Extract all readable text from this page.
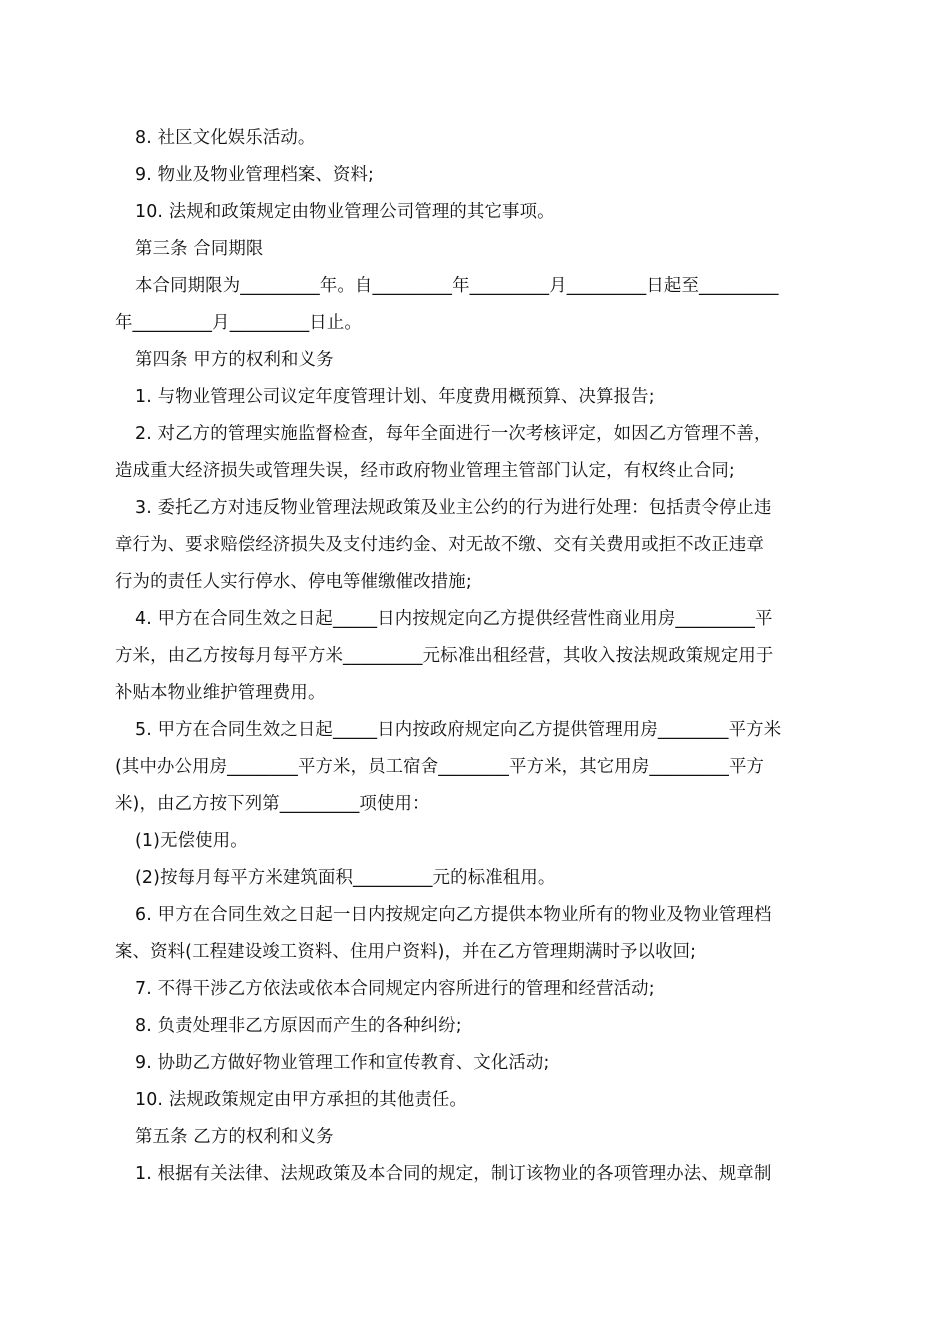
8. 社区文化娱乐活动。
9. 物业及物业管理档案、资料;
10. 法规和政策规定由物业管理公司管理的其它事项。
第三条 合同期限
本合同期限为_________年。自_________年_________月_________日起至_________
年_________月_________日止。
第四条 甲方的权利和义务
1. 与物业管理公司议定年度管理计划、年度费用概预算、决算报告;
2. 对乙方的管理实施监督检查，每年全面进行一次考核评定，如因乙方管理不善，
造成重大经济损失或管理失误，经市政府物业管理主管部门认定，有权终止合同;
3. 委托乙方对违反物业管理法规政策及业主公约的行为进行处理：包括责令停止违
章行为、要求赔偿经济损失及支付违约金、对无故不缴、交有关费用或拒不改正违章
行为的责任人实行停水、停电等催缴催改措施;
4. 甲方在合同生效之日起_____日内按规定向乙方提供经营性商业用房_________平
方米，由乙方按每月每平方米_________元标准出租经营，其收入按法规政策规定用于
补贴本物业维护管理费用。
5. 甲方在合同生效之日起_____日内按政府规定向乙方提供管理用房________平方米
(其中办公用房________平方米，员工宿舍________平方米，其它用房_________平方
米)，由乙方按下列第_________项使用：
(1)无偿使用。
(2)按每月每平方米建筑面积_________元的标准租用。
6. 甲方在合同生效之日起一日内按规定向乙方提供本物业所有的物业及物业管理档
案、资料(工程建设竣工资料、住用户资料)，并在乙方管理期满时予以收回;
7. 不得干涉乙方依法或依本合同规定内容所进行的管理和经营活动;
8. 负责处理非乙方原因而产生的各种纠纷;
9. 协助乙方做好物业管理工作和宣传教育、文化活动;
10. 法规政策规定由甲方承担的其他责任。
第五条 乙方的权利和义务
1. 根据有关法律、法规政策及本合同的规定，制订该物业的各项管理办法、规章制
